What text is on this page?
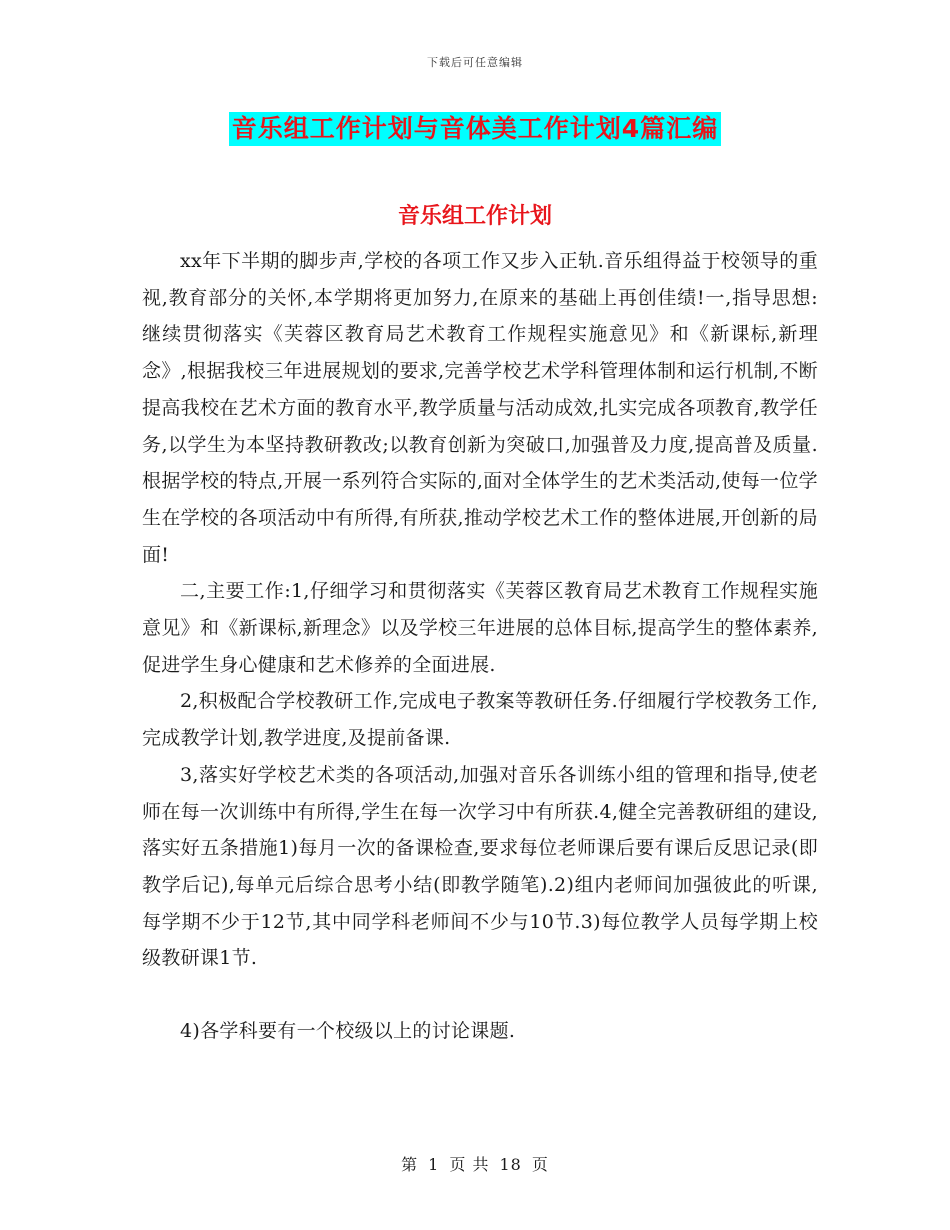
下载后可任意编辑
音乐组工作计划与音体美工作计划4篇汇编
音乐组工作计划

xx年下半期的脚步声,学校的各项工作又步入正轨.音乐组得益于校领导的重视,教育部分的关怀,本学期将更加努力,在原来的基础上再创佳绩!一,指导思想:继续贯彻落实《芙蓉区教育局艺术教育工作规程实施意见》和《新课标,新理念》,根据我校三年进展规划的要求,完善学校艺术学科管理体制和运行机制,不断提高我校在艺术方面的教育水平,教学质量与活动成效,扎实完成各项教育,教学任务,以学生为本坚持教研教改;以教育创新为突破口,加强普及力度,提高普及质量.根据学校的特点,开展一系列符合实际的,面对全体学生的艺术类活动,使每一位学生在学校的各项活动中有所得,有所获,推动学校艺术工作的整体进展,开创新的局面!

二,主要工作:1,仔细学习和贯彻落实《芙蓉区教育局艺术教育工作规程实施意见》和《新课标,新理念》以及学校三年进展的总体目标,提高学生的整体素养,促进学生身心健康和艺术修养的全面进展.

2,积极配合学校教研工作,完成电子教案等教研任务.仔细履行学校教务工作,完成教学计划,教学进度,及提前备课.

3,落实好学校艺术类的各项活动,加强对音乐各训练小组的管理和指导,使老师在每一次训练中有所得,学生在每一次学习中有所获.4,健全完善教研组的建设,落实好五条措施1)每月一次的备课检查,要求每位老师课后要有课后反思记录(即教学后记),每单元后综合思考小结(即教学随笔).2)组内老师间加强彼此的听课,每学期不少于12节,其中同学科老师间不少与10节.3)每位教学人员每学期上校级教研课1节.

4)各学科要有一个校级以上的讨论课题.

第 1 页 共 18 页
